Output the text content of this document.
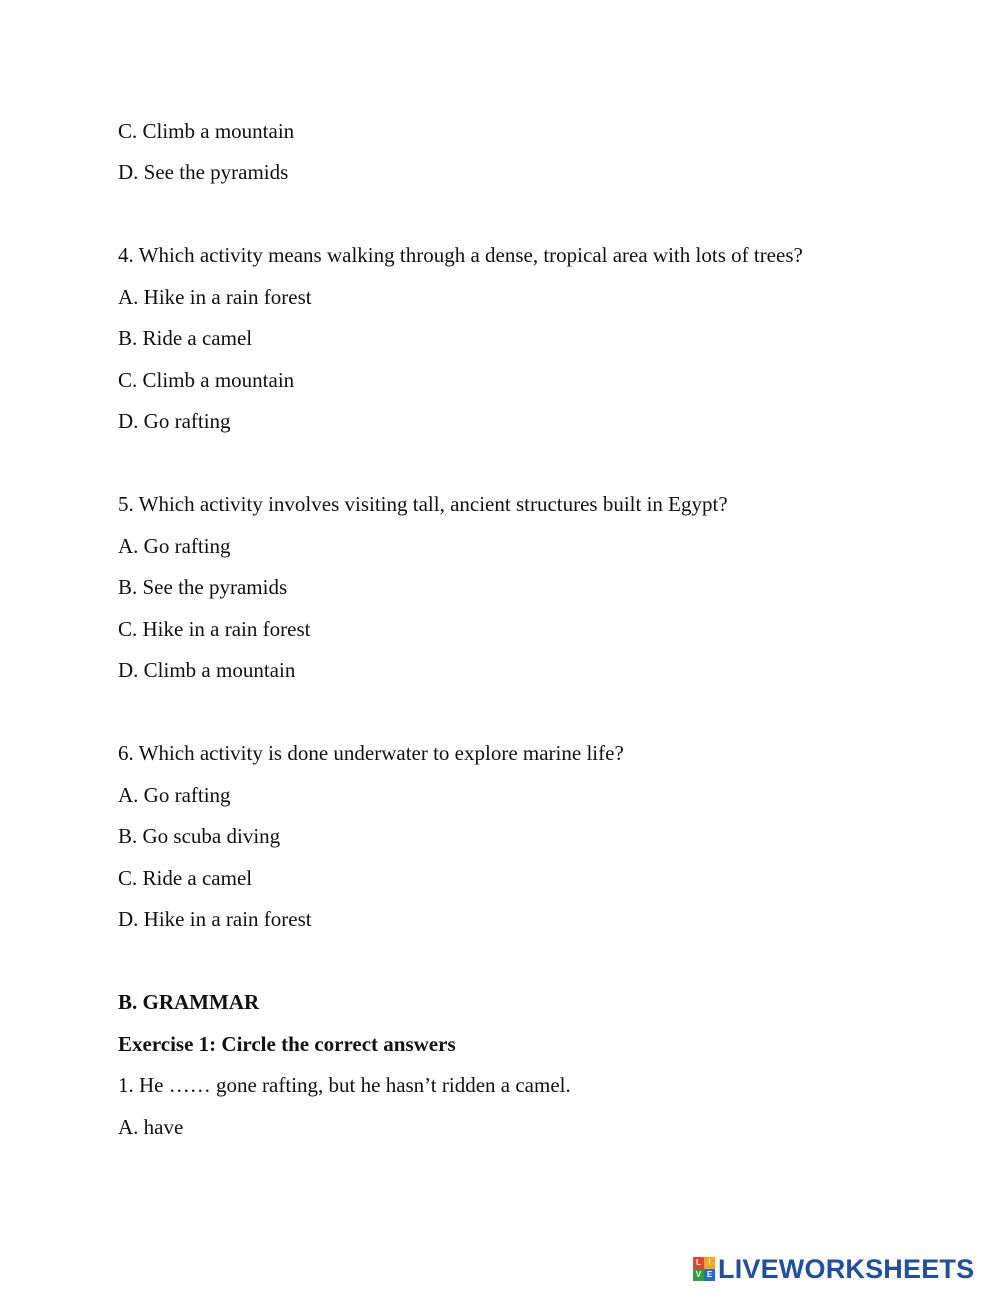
C. Climb a mountain
D. See the pyramids
4. Which activity means walking through a dense, tropical area with lots of trees?
A. Hike in a rain forest
B. Ride a camel
C. Climb a mountain
D. Go rafting
5. Which activity involves visiting tall, ancient structures built in Egypt?
A. Go rafting
B. See the pyramids
C. Hike in a rain forest
D. Climb a mountain
6. Which activity is done underwater to explore marine life?
A. Go rafting
B. Go scuba diving
C. Ride a camel
D. Hike in a rain forest
B. GRAMMAR
Exercise 1: Circle the correct answers
1. He …… gone rafting, but he hasn’t ridden a camel.
A. have
L I
V E LIVEWORKSHEETS
